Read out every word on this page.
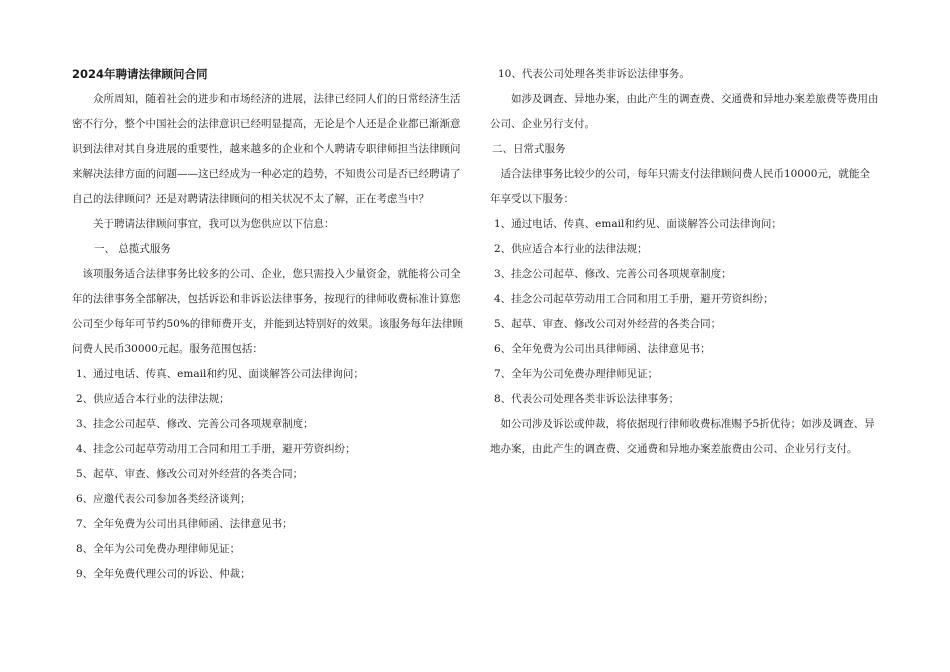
2024年聘请法律顾问合同

众所周知，随着社会的进步和市场经济的进展，法律已经同人们的日常经济生活密不行分，整个中国社会的法律意识已经明显提高，无论是个人还是企业都已渐渐意识到法律对其自身进展的重要性，越来越多的企业和个人聘请专职律师担当法律顾问来解决法律方面的问题——这已经成为一种必定的趋势，不知贵公司是否已经聘请了自己的法律顾问？还是对聘请法律顾问的相关状况不太了解，正在考虑当中？

关于聘请法律顾问事宜，我可以为您供应以下信息：

一、 总揽式服务

该项服务适合法律事务比较多的公司、企业，您只需投入少量资金，就能将公司全年的法律事务全部解决，包括诉讼和非诉讼法律事务，按现行的律师收费标准计算您公司至少每年可节约50%的律师费开支，并能到达特别好的效果。该服务每年法律顾问费人民币30000元起。服务范围包括：

1、通过电话、传真、email和约见、面谈解答公司法律询问；

2、供应适合本行业的法律法规；

3、挂念公司起草、修改、完善公司各项规章制度；

4、挂念公司起草劳动用工合同和用工手册，避开劳资纠纷；

5、起草、审查、修改公司对外经营的各类合同；

6、应邀代表公司参加各类经济谈判；

7、全年免费为公司出具律师函、法律意见书；

8、全年为公司免费办理律师见证；

9、全年免费代理公司的诉讼、仲裁；

10、代表公司处理各类非诉讼法律事务。

如涉及调查、异地办案，由此产生的调查费、交通费和异地办案差旅费等费用由公司、企业另行支付。

二、日常式服务

适合法律事务比较少的公司，每年只需支付法律顾问费人民币10000元，就能全年享受以下服务：

1、通过电话、传真、email和约见、面谈解答公司法律询问；

2、供应适合本行业的法律法规；

3、挂念公司起草、修改、完善公司各项规章制度；

4、挂念公司起草劳动用工合同和用工手册，避开劳资纠纷；

5、起草、审查、修改公司对外经营的各类合同；

6、全年免费为公司出具律师函、法律意见书；

7、全年为公司免费办理律师见证；

8、代表公司处理各类非诉讼法律事务；

如公司涉及诉讼或仲裁，将依据现行律师收费标准赐予5折优待；如涉及调查、异地办案，由此产生的调查费、交通费和异地办案差旅费由公司、企业另行支付。
